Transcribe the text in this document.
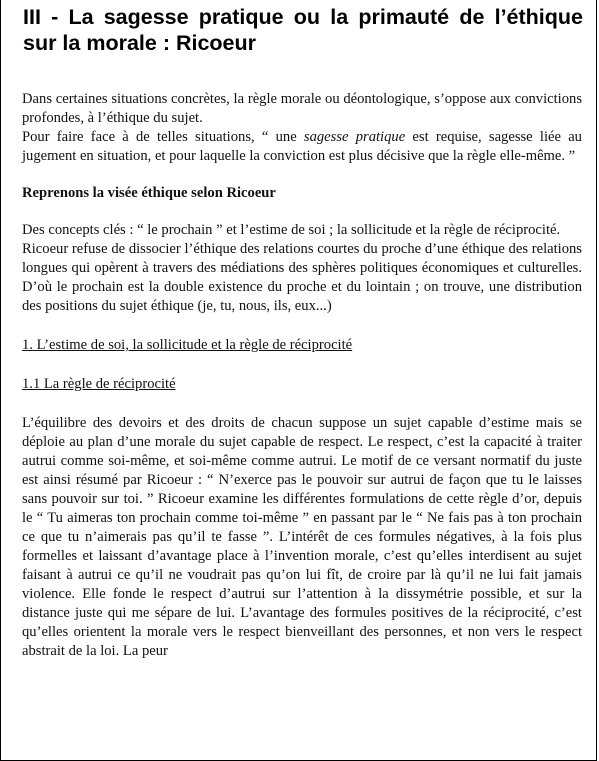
III - La sagesse pratique ou la primauté de l’éthique sur la morale : Ricoeur

Dans certaines situations concrètes, la règle morale ou déontologique, s’oppose aux convictions profondes, à l’éthique du sujet.

Pour faire face à de telles situations, “ une sagesse pratique est requise, sagesse liée au jugement en situation, et pour laquelle la conviction est plus décisive que la règle elle-même. ”

Reprenons la visée éthique selon Ricoeur

Des concepts clés : “ le prochain ” et l’estime de soi ; la sollicitude et la règle de réciprocité.

Ricoeur refuse de dissocier l’éthique des relations courtes du proche d’une éthique des relations longues qui opèrent à travers des médiations des sphères politiques économiques et culturelles. D’où le prochain est la double existence du proche et du lointain ; on trouve, une distribution des positions du sujet éthique (je, tu, nous, ils, eux...)

1. L’estime de soi, la sollicitude et la règle de réciprocité

1.1 La règle de réciprocité

L’équilibre des devoirs et des droits de chacun suppose un sujet capable d’estime mais se déploie au plan d’une morale du sujet capable de respect. Le respect, c’est la capacité à traiter autrui comme soi-même, et soi-même comme autrui. Le motif de ce versant normatif du juste est ainsi résumé par Ricoeur : “ N’exerce pas le pouvoir sur autrui de façon que tu le laisses sans pouvoir sur toi. ” Ricoeur examine les différentes formulations de cette règle d’or, depuis le “ Tu aimeras ton prochain comme toi-même ” en passant par le “ Ne fais pas à ton prochain ce que tu n’aimerais pas qu’il te fasse ”. L’intérêt de ces formules négatives, à la fois plus formelles et laissant d’avantage place à l’invention morale, c’est qu’elles interdisent au sujet faisant à autrui ce qu’il ne voudrait pas qu’on lui fît, de croire par là qu’il ne lui fait jamais violence. Elle fonde le respect d’autrui sur l’attention à la dissymétrie possible, et sur la distance juste qui me sépare de lui. L’avantage des formules positives de la réciprocité, c’est qu’elles orientent la morale vers le respect bienveillant des personnes, et non vers le respect abstrait de la loi. La peur
